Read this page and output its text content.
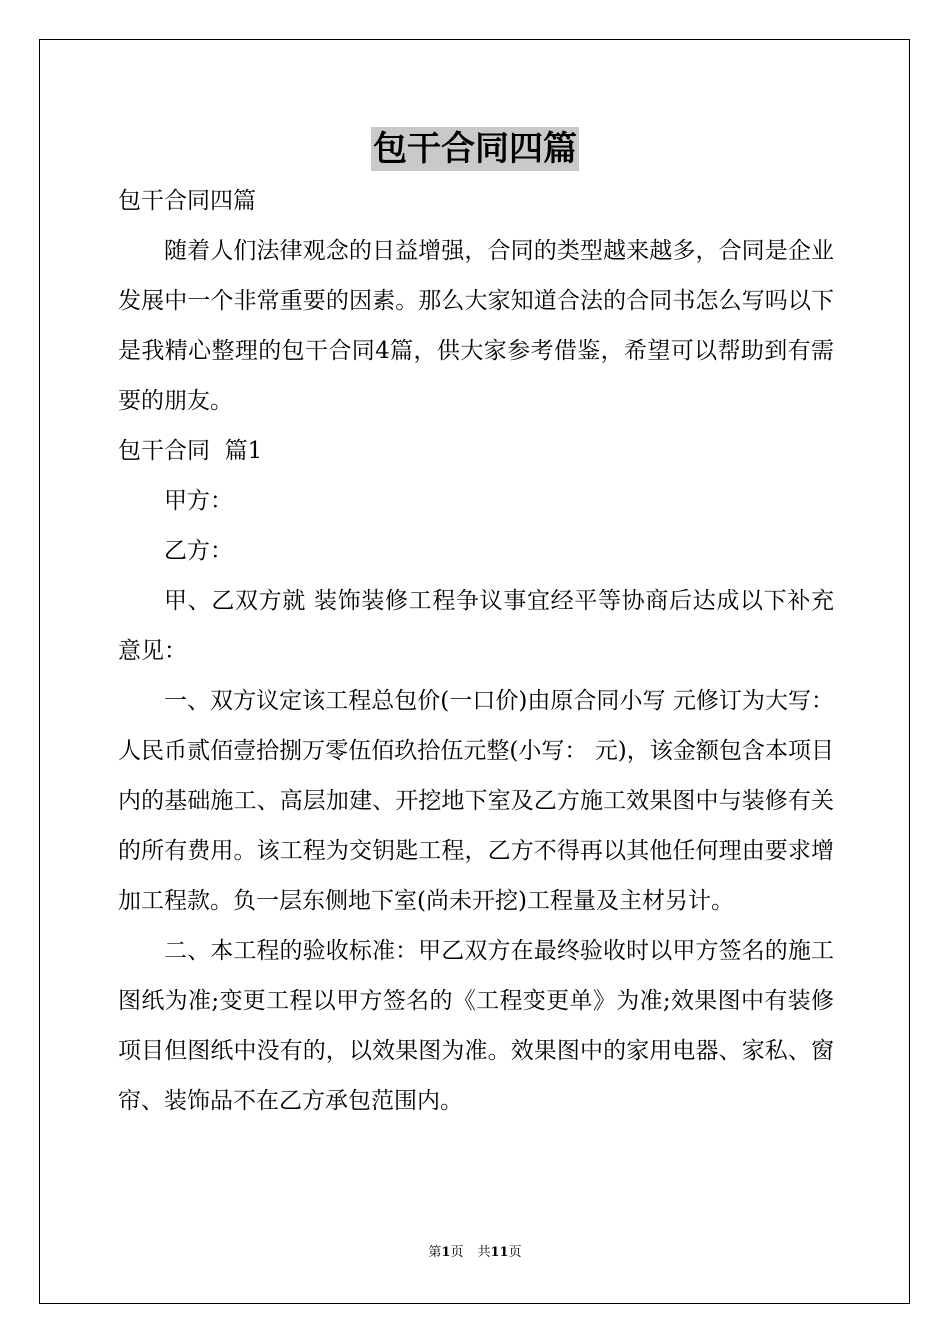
包干合同四篇

包干合同四篇

随着人们法律观念的日益增强，合同的类型越来越多，合同是企业发展中一个非常重要的因素。那么大家知道合法的合同书怎么写吗以下是我精心整理的包干合同4篇，供大家参考借鉴，希望可以帮助到有需要的朋友。

包干合同  篇1

甲方：

乙方：

甲、乙双方就 装饰装修工程争议事宜经平等协商后达成以下补充意见：

一、双方议定该工程总包价(一口价)由原合同小写 元修订为大写：人民币贰佰壹拾捌万零伍佰玖拾伍元整(小写： 元)，该金额包含本项目内的基础施工、高层加建、开挖地下室及乙方施工效果图中与装修有关的所有费用。该工程为交钥匙工程，乙方不得再以其他任何理由要求增加工程款。负一层东侧地下室(尚未开挖)工程量及主材另计。

二、本工程的验收标准：甲乙双方在最终验收时以甲方签名的施工图纸为准;变更工程以甲方签名的《工程变更单》为准;效果图中有装修项目但图纸中没有的，以效果图为准。效果图中的家用电器、家私、窗帘、装饰品不在乙方承包范围内。

第1页 共11页
